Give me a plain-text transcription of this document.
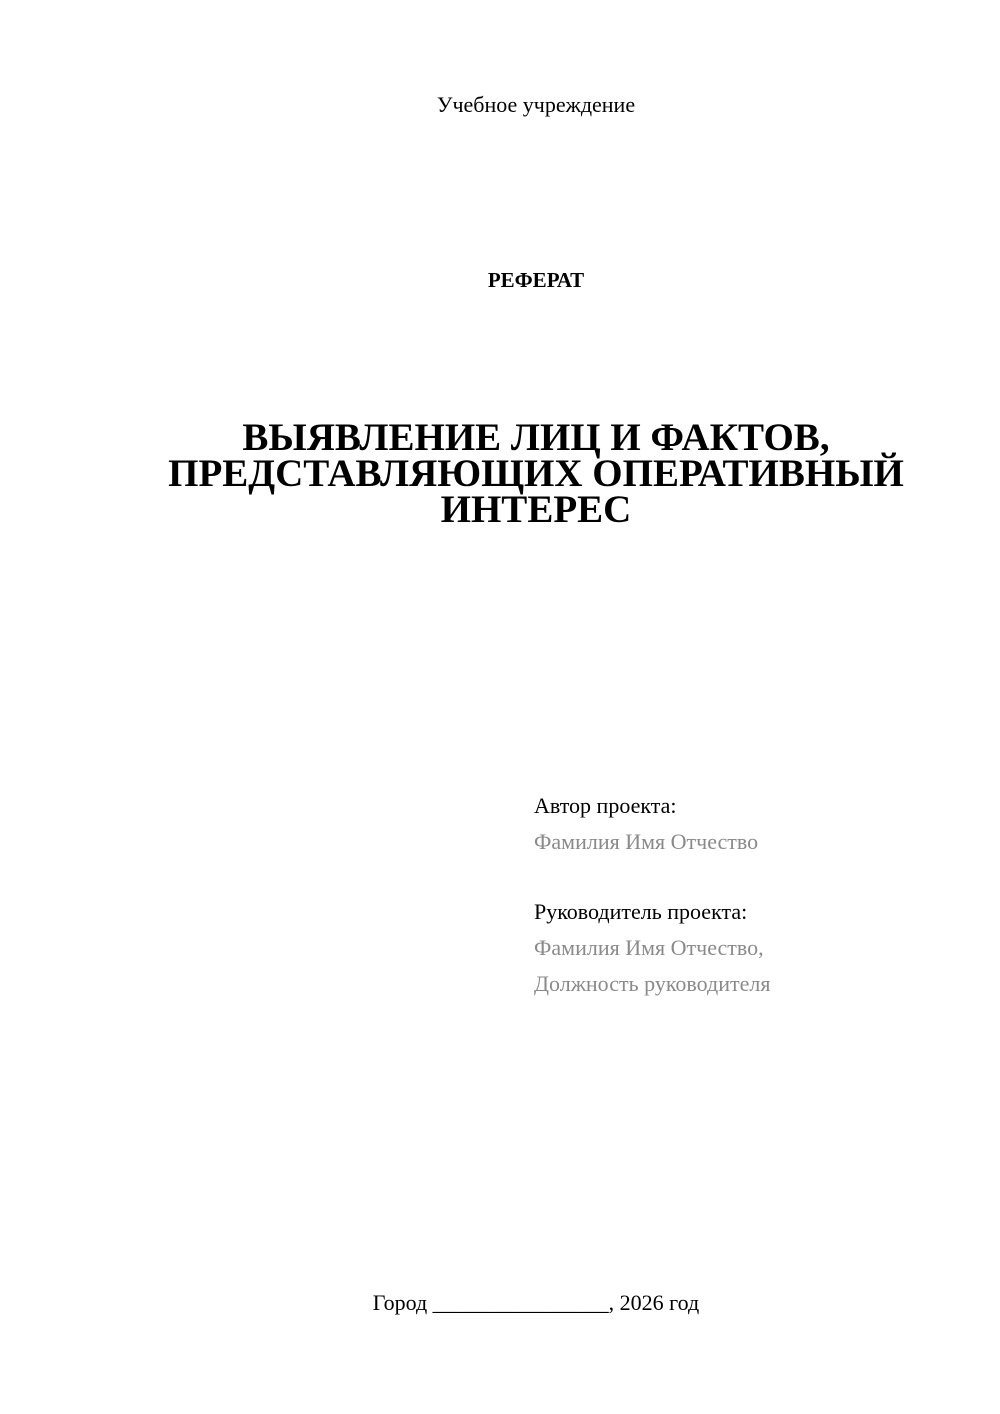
Учебное учреждение
РЕФЕРАТ
ВЫЯВЛЕНИЕ ЛИЦ И ФАКТОВ,
ПРЕДСТАВЛЯЮЩИХ ОПЕРАТИВНЫЙ
ИНТЕРЕС
Автор проекта:
Фамилия Имя Отчество
Руководитель проекта:
Фамилия Имя Отчество,
Должность руководителя
Город ________________, 2026 год
